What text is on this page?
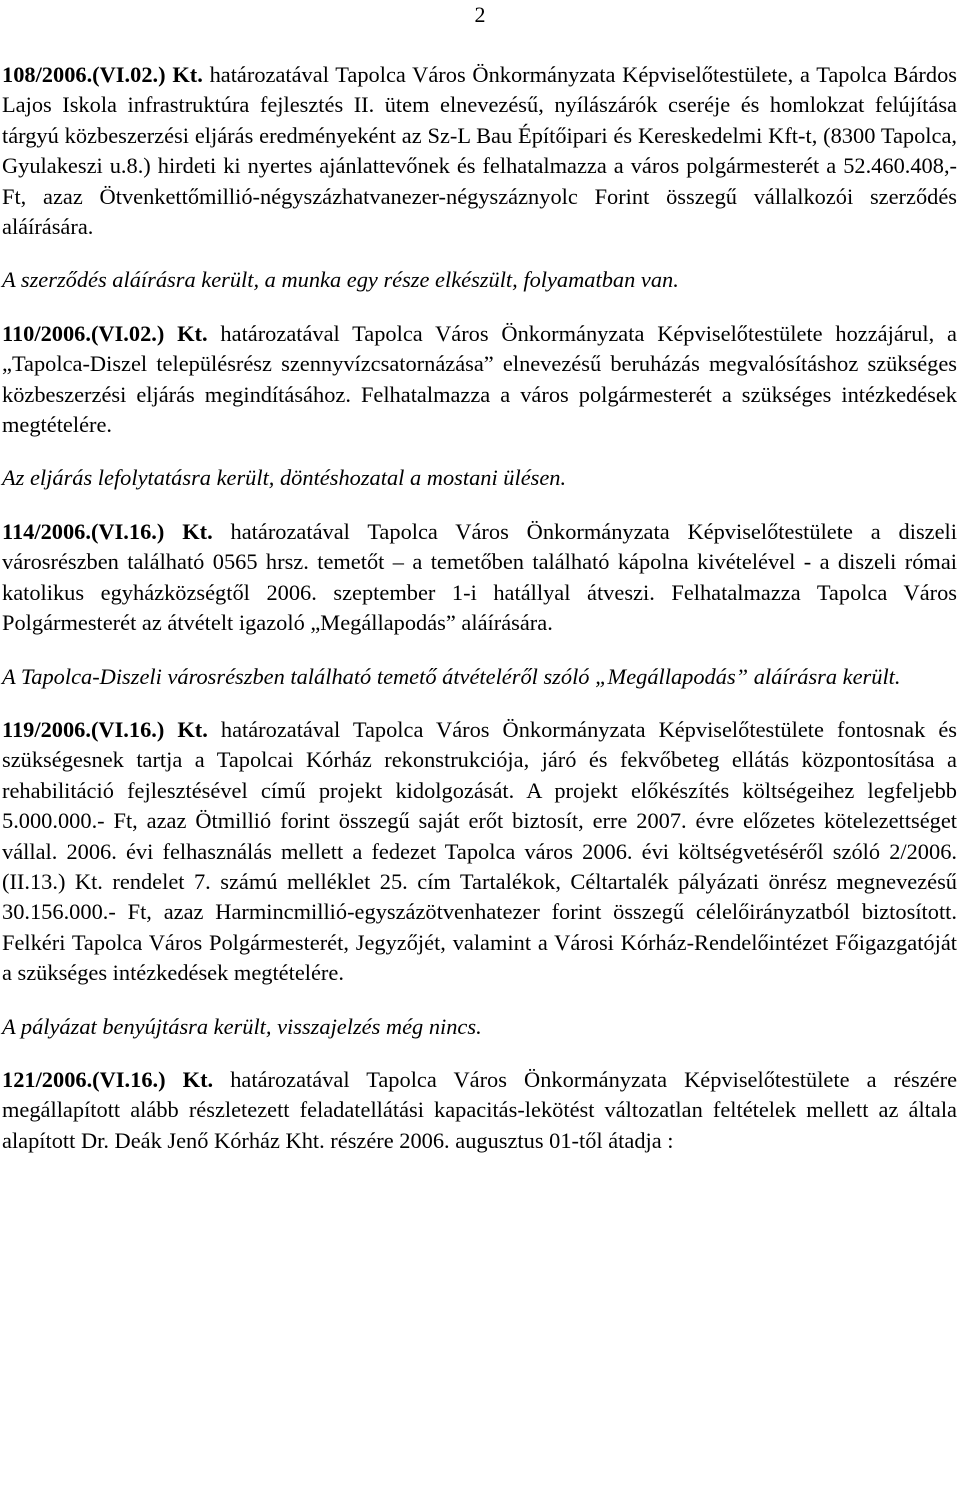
2

108/2006.(VI.02.) Kt. határozatával Tapolca Város Önkormányzata Képviselőtestülete, a Tapolca Bárdos Lajos Iskola infrastruktúra fejlesztés II. ütem elnevezésű, nyílászárók cseréje és homlokzat felújítása tárgyú közbeszerzési eljárás eredményeként az Sz-L Bau Építőipari és Kereskedelmi Kft-t, (8300 Tapolca, Gyulakeszi u.8.) hirdeti ki nyertes ajánlattevőnek és felhatalmazza a város polgármesterét a 52.460.408,-Ft, azaz Ötvenkettőmillió-négyszázhatvanezer-négyszáznyolc Forint összegű vállalkozói szerződés aláírására.

A szerződés aláírásra került, a munka egy része elkészült, folyamatban van.

110/2006.(VI.02.) Kt. határozatával Tapolca Város Önkormányzata Képviselőtestülete hozzájárul, a „Tapolca-Diszel településrész szennyvízcsatornázása” elnevezésű beruházás megvalósításhoz szükséges közbeszerzési eljárás megindításához. Felhatalmazza a város polgármesterét a szükséges intézkedések megtételére.

Az eljárás lefolytatásra került, döntéshozatal a mostani ülésen.

114/2006.(VI.16.) Kt. határozatával Tapolca Város Önkormányzata Képviselőtestülete a diszeli városrészben található 0565 hrsz. temetőt – a temetőben található kápolna kivételével - a diszeli római katolikus egyházközségtől 2006. szeptember 1-i hatállyal átveszi. Felhatalmazza Tapolca Város Polgármesterét az átvételt igazoló „Megállapodás” aláírására.

A Tapolca-Diszeli városrészben található temető átvételéről szóló „Megállapodás” aláírásra került.

119/2006.(VI.16.) Kt. határozatával Tapolca Város Önkormányzata Képviselőtestülete fontosnak és szükségesnek tartja a Tapolcai Kórház rekonstrukciója, járó és fekvőbeteg ellátás központosítása a rehabilitáció fejlesztésével című projekt kidolgozását. A projekt előkészítés költségeihez legfeljebb 5.000.000.- Ft, azaz Ötmillió forint összegű saját erőt biztosít, erre 2007. évre előzetes kötelezettséget vállal. 2006. évi felhasználás mellett a fedezet Tapolca város 2006. évi költségvetéséről szóló 2/2006. (II.13.) Kt. rendelet 7. számú melléklet 25. cím Tartalékok, Céltartalék pályázati önrész megnevezésű 30.156.000.- Ft, azaz Harmincmillió-egyszázötvenhatezer forint összegű célelőirányzatból biztosított. Felkéri Tapolca Város Polgármesterét, Jegyzőjét, valamint a Városi Kórház-Rendelőintézet Főigazgatóját a szükséges intézkedések megtételére.

A pályázat benyújtásra került, visszajelzés még nincs.

121/2006.(VI.16.) Kt. határozatával Tapolca Város Önkormányzata Képviselőtestülete a részére megállapított alább részletezett feladatellátási kapacitás-lekötést változatlan feltételek mellett az általa alapított Dr. Deák Jenő Kórház Kht. részére 2006. augusztus 01-től átadja :
